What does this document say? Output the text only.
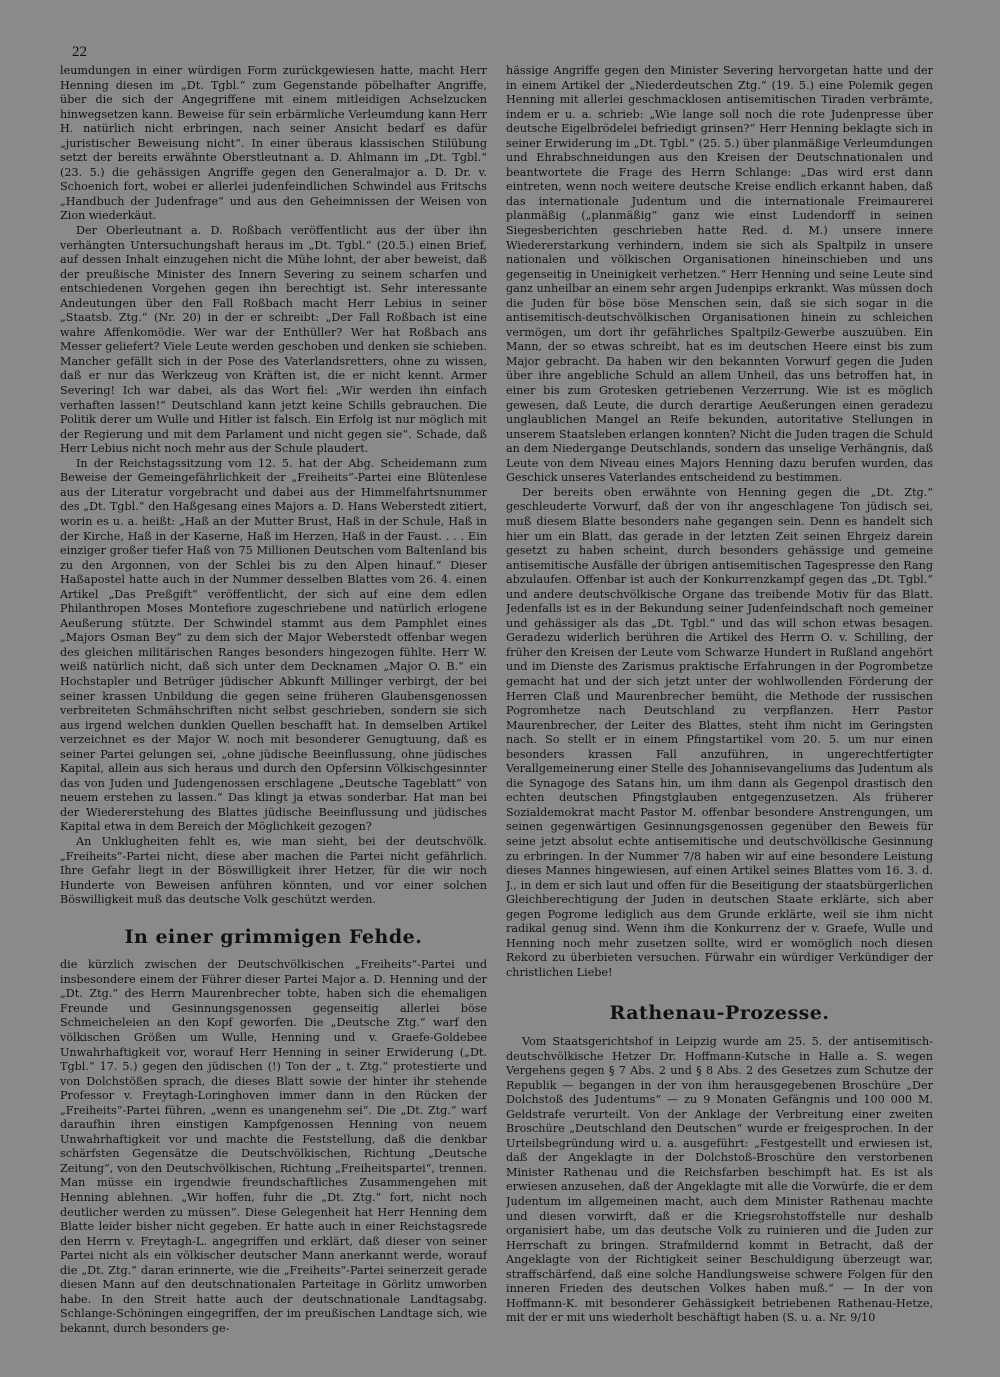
22

leumdungen in einer würdigen Form zurückgewiesen hatte, macht Herr Henning diesen im „Dt. Tgbl.“ zum Gegenstande pöbelhafter Angriffe, über die sich der Angegriffene mit einem mitleidigen Achselzucken hinwegsetzen kann. Beweise für sein erbärmliche Verleumdung kann Herr H. natürlich nicht erbringen, nach seiner Ansicht bedarf es dafür „juristischer Beweisung nicht“. In einer überaus klassischen Stilübung setzt der bereits erwähnte Oberstleutnant a. D. Ahlmann im „Dt. Tgbl.“ (23. 5.) die gehässigen Angriffe gegen den Generalmajor a. D. Dr. v. Schoenich fort, wobei er allerlei judenfeindlichen Schwindel aus Fritschs „Handbuch der Judenfrage“ und aus den Geheimnissen der Weisen von Zion wiederkäut.

Der Oberleutnant a. D. Roßbach veröffentlicht aus der über ihn verhängten Untersuchungshaft heraus im „Dt. Tgbl.“ (20.5.) einen Brief, auf dessen Inhalt einzugehen nicht die Mühe lohnt, der aber beweist, daß der preußische Minister des Innern Severing zu seinem scharfen und entschiedenen Vorgehen gegen ihn berechtigt ist. Sehr interessante Andeutungen über den Fall Roßbach macht Herr Lebius in seiner „Staatsb. Ztg.“ (Nr. 20) in der er schreibt: „Der Fall Roßbach ist eine wahre Affenkomödie. Wer war der Enthüller? Wer hat Roßbach ans Messer geliefert? Viele Leute werden geschoben und denken sie schieben. Mancher gefällt sich in der Pose des Vaterlandsretters, ohne zu wissen, daß er nur das Werkzeug von Kräften ist, die er nicht kennt. Armer Severing! Ich war dabei, als das Wort fiel: „Wir werden ihn einfach verhaften lassen!“ Deutschland kann jetzt keine Schills gebrauchen. Die Politik derer um Wulle und Hitler ist falsch. Ein Erfolg ist nur möglich mit der Regierung und mit dem Parlament und nicht gegen sie“. Schade, daß Herr Lebius nicht noch mehr aus der Schule plaudert.

In der Reichstagssitzung vom 12. 5. hat der Abg. Scheidemann zum Beweise der Gemeingefährlichkeit der „Freiheits“-Partei eine Blütenlese aus der Literatur vorgebracht und dabei aus der Himmelfahrtsnummer des „Dt. Tgbl.“ den Haßgesang eines Majors a. D. Hans Weberstedt zitiert, worin es u. a. heißt: „Haß an der Mutter Brust, Haß in der Schule, Haß in der Kirche, Haß in der Kaserne, Haß im Herzen, Haß in der Faust. . . . Ein einziger großer tiefer Haß von 75 Millionen Deutschen vom Baltenland bis zu den Argonnen, von der Schlei bis zu den Alpen hinauf.“ Dieser Haßapostel hatte auch in der Nummer desselben Blattes vom 26. 4. einen Artikel „Das Preßgift“ veröffentlicht, der sich auf eine dem edlen Philanthropen Moses Montefiore zugeschriebene und natürlich erlogene Aeußerung stützte. Der Schwindel stammt aus dem Pamphlet eines „Majors Osman Bey“ zu dem sich der Major Weberstedt offenbar wegen des gleichen militärischen Ranges besonders hingezogen fühlte. Herr W. weiß natürlich nicht, daß sich unter dem Decknamen „Major O. B.“ ein Hochstapler und Betrüger jüdischer Abkunft Millinger verbirgt, der bei seiner krassen Unbildung die gegen seine früheren Glaubensgenossen verbreiteten Schmähschriften nicht selbst geschrieben, sondern sie sich aus irgend welchen dunklen Quellen beschafft hat. In demselben Artikel verzeichnet es der Major W. noch mit besonderer Genugtuung, daß es seiner Partei gelungen sei, „ohne jüdische Beeinflussung, ohne jüdisches Kapital, allein aus sich heraus und durch den Opfersinn Völkischgesinnter das von Juden und Judengenossen erschlagene „Deutsche Tageblatt“ von neuem erstehen zu lassen.“ Das klingt ja etwas sonderbar. Hat man bei der Wiedererstehung des Blattes jüdische Beeinflussung und jüdisches Kapital etwa in dem Bereich der Möglichkeit gezogen?

An Unklugheiten fehlt es, wie man sieht, bei der deutschvölk. „Freiheits“-Partei nicht, diese aber machen die Partei nicht gefährlich. Ihre Gefahr liegt in der Böswilligkeit ihrer Hetzer, für die wir noch Hunderte von Beweisen anführen könnten, und vor einer solchen Böswilligkeit muß das deutsche Volk geschützt werden.

In einer grimmigen Fehde.

die kürzlich zwischen der Deutschvölkischen „Freiheits“-Partei und insbesondere einem der Führer dieser Partei Major a. D. Henning und der „Dt. Ztg.“ des Herrn Maurenbrecher tobte, haben sich die ehemaligen Freunde und Gesinnungsgenossen gegenseitig allerlei böse Schmeicheleien an den Kopf geworfen. Die „Deutsche Ztg.“ warf den völkischen Größen um Wulle, Henning und v. Graefe-Goldebee Unwahrhaftigkeit vor, worauf Herr Henning in seiner Erwiderung („Dt. Tgbl.“ 17. 5.) gegen den jüdischen (!) Ton der „ t. Ztg.“ protestierte und von Dolchstößen sprach, die dieses Blatt sowie der hinter ihr stehende Professor v. Freytagh-Loringhoven immer dann in den Rücken der „Freiheits“-Partei führen, „wenn es unangenehm sei“. Die „Dt. Ztg.“ warf daraufhin ihren einstigen Kampfgenossen Henning von neuem Unwahrhaftigkeit vor und machte die Feststellung, daß die denkbar schärfsten Gegensätze die Deutschvölkischen, Richtung „Deutsche Zeitung“, von den Deutschvölkischen, Richtung „Freiheitspartei“, trennen. Man müsse ein irgendwie freundschaftliches Zusammengehen mit Henning ablehnen. „Wir hoffen, fuhr die „Dt. Ztg.“ fort, nicht noch deutlicher werden zu müssen“. Diese Gelegenheit hat Herr Henning dem Blatte leider bisher nicht gegeben. Er hatte auch in einer Reichstagsrede den Herrn v. Freytagh-L. angegriffen und erklärt, daß dieser von seiner Partei nicht als ein völkischer deutscher Mann anerkannt werde, worauf die „Dt. Ztg.“ daran erinnerte, wie die „Freiheits“-Partei seinerzeit gerade diesen Mann auf den deutschnationalen Parteitage in Görlitz umworben habe. In den Streit hatte auch der deutschnationale Landtagsabg. Schlange-Schöningen eingegriffen, der im preußischen Landtage sich, wie bekannt, durch besonders ge-

hässige Angriffe gegen den Minister Severing hervorgetan hatte und der in einem Artikel der „Niederdeutschen Ztg.“ (19. 5.) eine Polemik gegen Henning mit allerlei geschmacklosen antisemitischen Tiraden verbrämte, indem er u. a. schrieb: „Wie lange soll noch die rote Judenpresse über deutsche Eigelbrödelei befriedigt grinsen?“ Herr Henning beklagte sich in seiner Erwiderung im „Dt. Tgbl.“ (25. 5.) über planmäßige Verleumdungen und Ehrabschneidungen aus den Kreisen der Deutschnationalen und beantwortete die Frage des Herrn Schlange: „Das wird erst dann eintreten, wenn noch weitere deutsche Kreise endlich erkannt haben, daß das internationale Judentum und die internationale Freimaurerei planmäßig („planmäßig“ ganz wie einst Ludendorff in seinen Siegesberichten geschrieben hatte Red. d. M.) unsere innere Wiedererstarkung verhindern, indem sie sich als Spaltpilz in unsere nationalen und völkischen Organisationen hineinschieben und uns gegenseitig in Uneinigkeit verhetzen.“ Herr Henning und seine Leute sind ganz unheilbar an einem sehr argen Judenpips erkrankt. Was müssen doch die Juden für böse böse Menschen sein, daß sie sich sogar in die antisemitisch-deutschvölkischen Organisationen hinein zu schleichen vermögen, um dort ihr gefährliches Spaltpilz-Gewerbe auszuüben. Ein Mann, der so etwas schreibt, hat es im deutschen Heere einst bis zum Major gebracht. Da haben wir den bekannten Vorwurf gegen die Juden über ihre angebliche Schuld an allem Unheil, das uns betroffen hat, in einer bis zum Grotesken getriebenen Verzerrung. Wie ist es möglich gewesen, daß Leute, die durch derartige Aeußerungen einen geradezu unglaublichen Mangel an Reife bekunden, autoritative Stellungen in unserem Staatsleben erlangen konnten? Nicht die Juden tragen die Schuld an dem Niedergange Deutschlands, sondern das unselige Verhängnis, daß Leute von dem Niveau eines Majors Henning dazu berufen wurden, das Geschick unseres Vaterlandes entscheidend zu bestimmen.

Der bereits oben erwähnte von Henning gegen die „Dt. Ztg.“ geschleuderte Vorwurf, daß der von ihr angeschlagene Ton jüdisch sei, muß diesem Blatte besonders nahe gegangen sein. Denn es handelt sich hier um ein Blatt, das gerade in der letzten Zeit seinen Ehrgeiz darein gesetzt zu haben scheint, durch besonders gehässige und gemeine antisemitische Ausfälle der übrigen antisemitischen Tagespresse den Rang abzulaufen. Offenbar ist auch der Konkurrenzkampf gegen das „Dt. Tgbl.“ und andere deutschvölkische Organe das treibende Motiv für das Blatt. Jedenfalls ist es in der Bekundung seiner Judenfeindschaft noch gemeiner und gehässiger als das „Dt. Tgbl.“ und das will schon etwas besagen. Geradezu widerlich berühren die Artikel des Herrn O. v. Schilling, der früher den Kreisen der Leute vom Schwarze Hundert in Rußland angehört und im Dienste des Zarismus praktische Erfahrungen in der Pogrombetze gemacht hat und der sich jetzt unter der wohlwollenden Förderung der Herren Claß und Maurenbrecher bemüht, die Methode der russischen Pogromhetze nach Deutschland zu verpflanzen. Herr Pastor Maurenbrecher, der Leiter des Blattes, steht ihm nicht im Geringsten nach. So stellt er in einem Pfingstartikel vom 20. 5. um nur einen besonders krassen Fall anzuführen, in ungerechtfertigter Verallgemeinerung einer Stelle des Johannisevangeliums das Judentum als die Synagoge des Satans hin, um ihm dann als Gegenpol drastisch den echten deutschen Pfingstglauben entgegenzusetzen. Als früherer Sozialdemokrat macht Pastor M. offenbar besondere Anstrengungen, um seinen gegenwärtigen Gesinnungsgenossen gegenüber den Beweis für seine jetzt absolut echte antisemitische und deutschvölkische Gesinnung zu erbringen. In der Nummer 7/8 haben wir auf eine besondere Leistung dieses Mannes hingewiesen, auf einen Artikel seines Blattes vom 16. 3. d. J., in dem er sich laut und offen für die Beseitigung der staatsbürgerlichen Gleichberechtigung der Juden in deutschen Staate erklärte, sich aber gegen Pogrome lediglich aus dem Grunde erklärte, weil sie ihm nicht radikal genug sind. Wenn ihm die Konkurrenz der v. Graefe, Wulle und Henning noch mehr zusetzen sollte, wird er womöglich noch diesen Rekord zu überbieten versuchen. Fürwahr ein würdiger Verkündiger der christlichen Liebe!

Rathenau-Prozesse.

Vom Staatsgerichtshof in Leipzig wurde am 25. 5. der antisemitisch-deutschvölkische Hetzer Dr. Hoffmann-Kutsche in Halle a. S. wegen Vergehens gegen § 7 Abs. 2 und § 8 Abs. 2 des Gesetzes zum Schutze der Republik — begangen in der von ihm herausgegebenen Broschüre „Der Dolchstoß des Judentums“ — zu 9 Monaten Gefängnis und 100 000 M. Geldstrafe verurteilt. Von der Anklage der Verbreitung einer zweiten Broschüre „Deutschland den Deutschen“ wurde er freigesprochen. In der Urteilsbegründung wird u. a. ausgeführt: „Festgestellt und erwiesen ist, daß der Angeklagte in der Dolchstoß-Broschüre den verstorbenen Minister Rathenau und die Reichsfarben beschimpft hat. Es ist als erwiesen anzusehen, daß der Angeklagte mit alle die Vorwürfe, die er dem Judentum im allgemeinen macht, auch dem Minister Rathenau machte und diesen vorwirft, daß er die Kriegsrohstoffstelle nur deshalb organisiert habe, um das deutsche Volk zu ruinieren und die Juden zur Herrschaft zu bringen. Strafmildernd kommt in Betracht, daß der Angeklagte von der Richtigkeit seiner Beschuldigung überzeugt war, straffschärfend, daß eine solche Handlungsweise schwere Folgen für den inneren Frieden des deutschen Volkes haben muß.“ — In der von Hoffmann-K. mit besonderer Gehässigkeit betriebenen Rathenau-Hetze, mit der er mit uns wiederholt beschäftigt haben (S. u. a. Nr. 9/10
